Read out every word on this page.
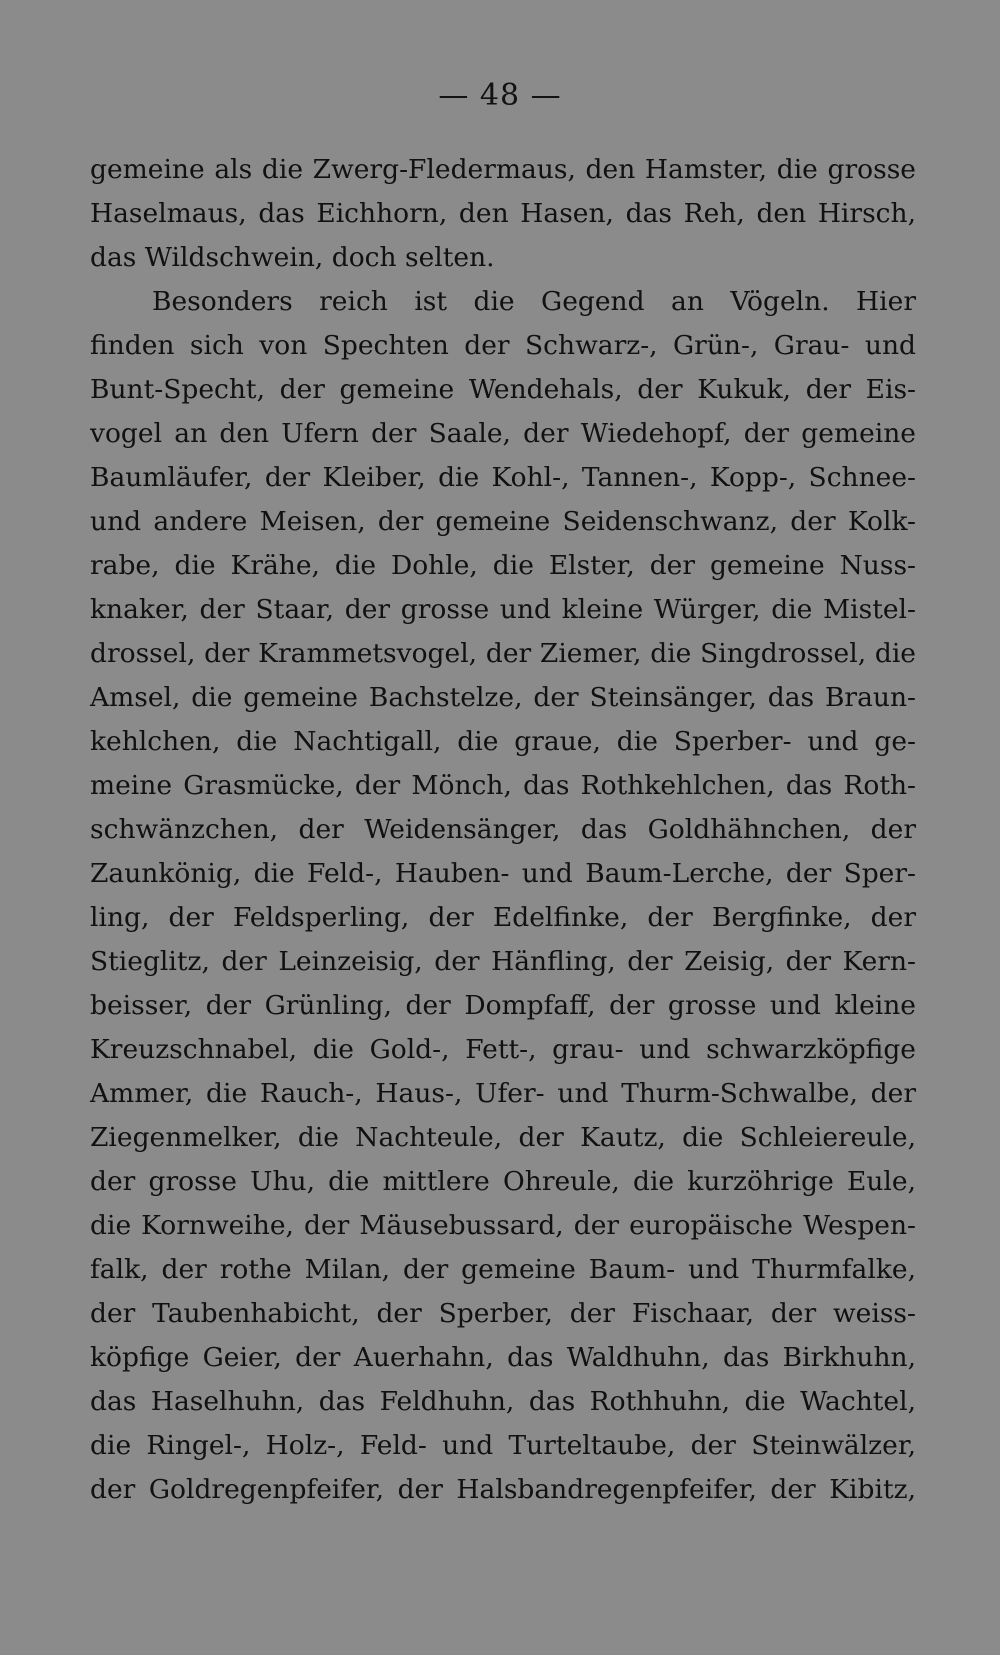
— 48 —
gemeine als die Zwerg-Fledermaus, den Hamster, die grosse
Haselmaus, das Eichhorn, den Hasen, das Reh, den Hirsch,
das Wildschwein, doch selten.
Besonders reich ist die Gegend an Vögeln. Hier
finden sich von Spechten der Schwarz-, Grün-, Grau- und
Bunt-Specht, der gemeine Wendehals, der Kukuk, der Eis-
vogel an den Ufern der Saale, der Wiedehopf, der gemeine
Baumläufer, der Kleiber, die Kohl-, Tannen-, Kopp-, Schnee-
und andere Meisen, der gemeine Seidenschwanz, der Kolk-
rabe, die Krähe, die Dohle, die Elster, der gemeine Nuss-
knaker, der Staar, der grosse und kleine Würger, die Mistel-
drossel, der Krammetsvogel, der Ziemer, die Singdrossel, die
Amsel, die gemeine Bachstelze, der Steinsänger, das Braun-
kehlchen, die Nachtigall, die graue, die Sperber- und ge-
meine Grasmücke, der Mönch, das Rothkehlchen, das Roth-
schwänzchen, der Weidensänger, das Goldhähnchen, der
Zaunkönig, die Feld-, Hauben- und Baum-Lerche, der Sper-
ling, der Feldsperling, der Edelfinke, der Bergfinke, der
Stieglitz, der Leinzeisig, der Hänfling, der Zeisig, der Kern-
beisser, der Grünling, der Dompfaff, der grosse und kleine
Kreuzschnabel, die Gold-, Fett-, grau- und schwarzköpfige
Ammer, die Rauch-, Haus-, Ufer- und Thurm-Schwalbe, der
Ziegenmelker, die Nachteule, der Kautz, die Schleiereule,
der grosse Uhu, die mittlere Ohreule, die kurzöhrige Eule,
die Kornweihe, der Mäusebussard, der europäische Wespen-
falk, der rothe Milan, der gemeine Baum- und Thurmfalke,
der Taubenhabicht, der Sperber, der Fischaar, der weiss-
köpfige Geier, der Auerhahn, das Waldhuhn, das Birkhuhn,
das Haselhuhn, das Feldhuhn, das Rothhuhn, die Wachtel,
die Ringel-, Holz-, Feld- und Turteltaube, der Steinwälzer,
der Goldregenpfeifer, der Halsbandregenpfeifer, der Kibitz,
